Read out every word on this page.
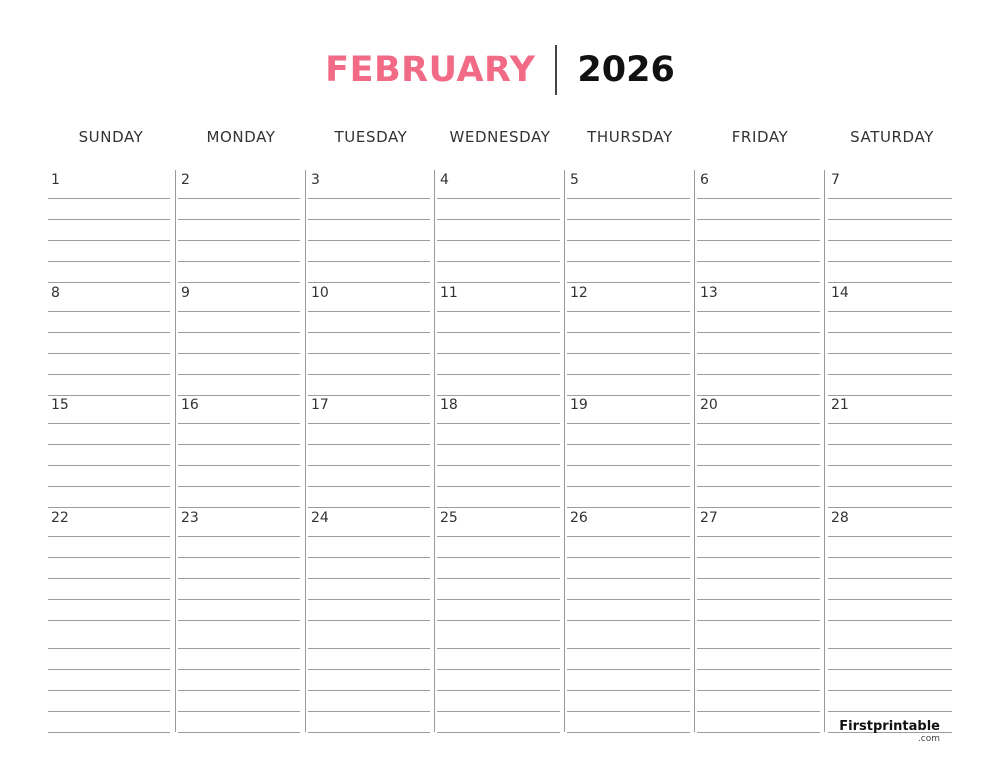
FEBRUARY 2026
SUNDAY	MONDAY	TUESDAY	WEDNESDAY	THURSDAY	FRIDAY	SATURDAY
1	2	3	4	5	6	7
8	9	10	11	12	13	14
15	16	17	18	19	20	21
22	23	24	25	26	27	28
Firstprintable
.com
